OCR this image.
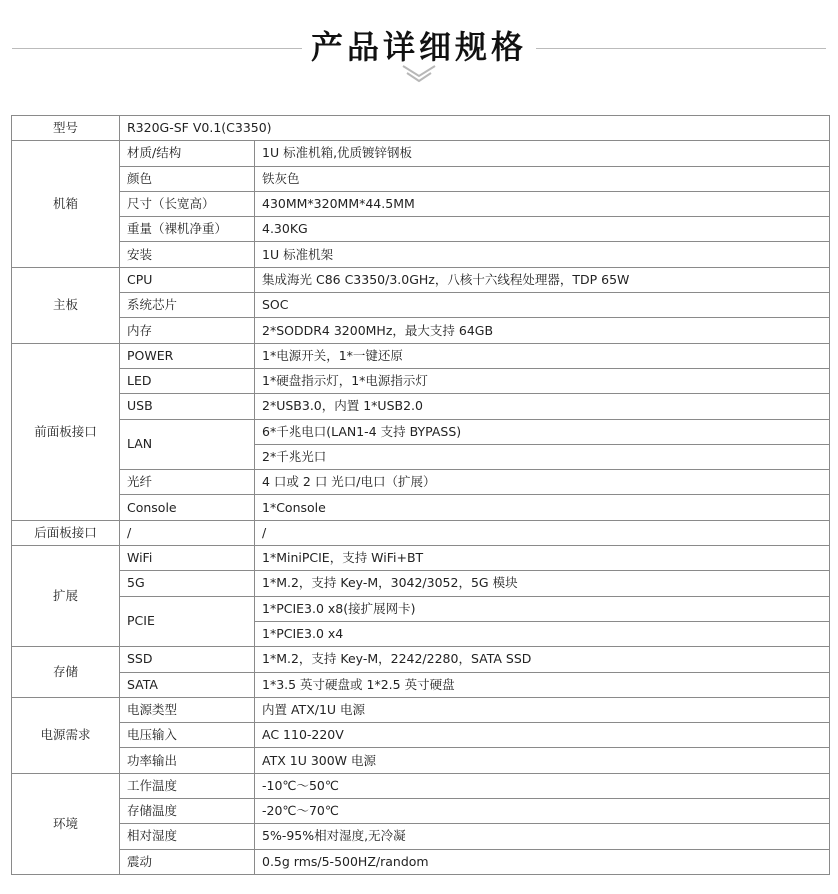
产品详细规格
型号	R320G-SF V0.1(C3350)	
机箱	材质/结构	1U 标准机箱,优质镀锌钢板
	颜色	铁灰色
	尺寸（长宽高）	430MM*320MM*44.5MM
	重量（裸机净重）	4.30KG
	安装	1U 标准机架
主板	CPU	集成海光 C86 C3350/3.0GHz，八核十六线程处理器，TDP 65W
	系统芯片	SOC
	内存	2*SODDR4 3200MHz，最大支持 64GB
前面板接口	POWER	1*电源开关，1*一键还原
	LED	1*硬盘指示灯，1*电源指示灯
	USB	2*USB3.0，内置 1*USB2.0
	LAN	6*千兆电口(LAN1-4 支持 BYPASS)
		2*千兆光口
	光纤	4 口或 2 口 光口/电口（扩展）
	Console	1*Console
后面板接口	/	/
扩展	WiFi	1*MiniPCIE，支持 WiFi+BT
	5G	1*M.2，支持 Key-M，3042/3052，5G 模块
	PCIE	1*PCIE3.0 x8(接扩展网卡)
		1*PCIE3.0 x4
存储	SSD	1*M.2，支持 Key-M，2242/2280，SATA SSD
	SATA	1*3.5 英寸硬盘或 1*2.5 英寸硬盘
电源需求	电源类型	内置 ATX/1U 电源
	电压输入	AC 110-220V
	功率输出	ATX 1U 300W 电源
环境	工作温度	-10℃～50℃
	存储温度	-20℃～70℃
	相对湿度	5%-95%相对湿度,无冷凝
	震动	0.5g rms/5-500HZ/random
